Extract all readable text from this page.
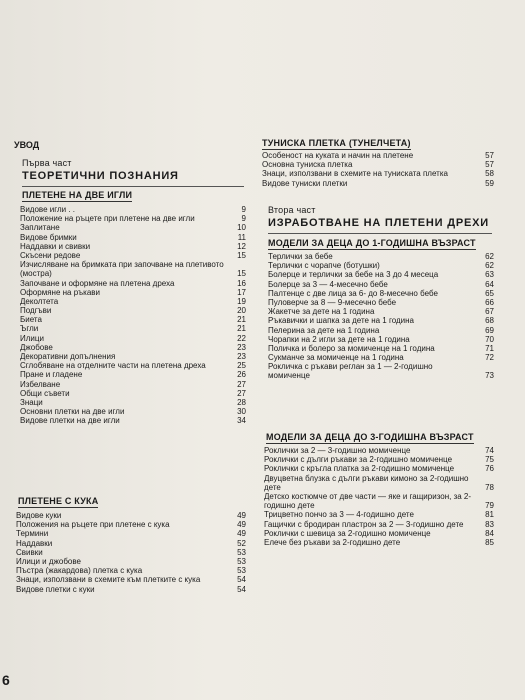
УВОД
Първа част
ТЕОРЕТИЧНИ ПОЗНАНИЯ
ПЛЕТЕНЕ НА ДВЕ ИГЛИ
Видове игли . .	9
Положение на ръцете при плетене на две игли	9
Заплитане	10
Видове бримки	11
Наддавки и свивки	12
Скъсени редове	15
Изчисляване на бримката при започване на плетивото (мостра)	15
Започване и оформяне на плетена дреха	16
Оформяне на ръкави	17
Деколтета	19
Подгъви	20
Биета	21
Ъгли	21
Илици	22
Джобове	23
Декоративни допълнения	23
Сглобяване на отделните части на плетена дреха	25
Пране и гладене	26
Избелване	27
Общи съвети	27
Знаци	28
Основни плетки на две игли	30
Видове плетки на две игли	34
ПЛЕТЕНЕ С КУКА
Видове куки	49
Положения на ръцете при плетене с кука	49
Термини	49
Наддавки	52
Свивки	53
Илици и джобове	53
Пъстра (жакардова) плетка с кука	53
Знаци, използвани в схемите към плетките с кука	54
Видове плетки с куки	54
ТУНИСКА ПЛЕТКА (ТУНЕЛЧЕТА)
Особеност на куката и начин на плетене	57
Основна туниска плетка	57
Знаци, използвани в схемите на туниската плетка	58
Видове туниски плетки	59
Втора част
ИЗРАБОТВАНЕ НА ПЛЕТЕНИ ДРЕХИ
МОДЕЛИ ЗА ДЕЦА ДО 1-ГОДИШНА ВЪЗРАСТ
Терлички за бебе	62
Терлички с чорапче (ботушки)	62
Болерце и терлички за бебе на 3 до 4 месеца	63
Болерце за 3 — 4-месечно бебе	64
Палтенце с две лица за 6- до 8-месечно бебе	65
Пуловерче за 8 — 9-месечно бебе	66
Жакетче за дете на 1 година	67
Ръкавички и шапка за дете на 1 година	68
Пелерина за дете на 1 година	69
Чорапки на 2 игли за дете на 1 година	70
Поличка и болеро за момиченце на 1 година	71
Сукманче за момиченце на 1 година	72
Рокличка с ръкави реглан за 1 — 2-годишно момиченце	73
МОДЕЛИ ЗА ДЕЦА ДО 3-ГОДИШНА ВЪЗРАСТ
Роклички за 2 — 3-годишно момиченце	74
Роклички с дълги ръкави за 2-годишно момиченце	75
Роклички с кръгла платка за 2-годишно момиченце	76
Двуцветна блузка с дълги ръкави кимоно за 2-годишно дете	78
Детско костюмче от две части — яке и гащиризон, за 2-годишно дете	79
Трицветно пончо за 3 — 4-годишно дете	81
Гащички с бродиран пластрон за 2 — 3-годишно дете	83
Роклички с шевица за 2-годишно момиченце	84
Елече без ръкави за 2-годишно дете	85
6
